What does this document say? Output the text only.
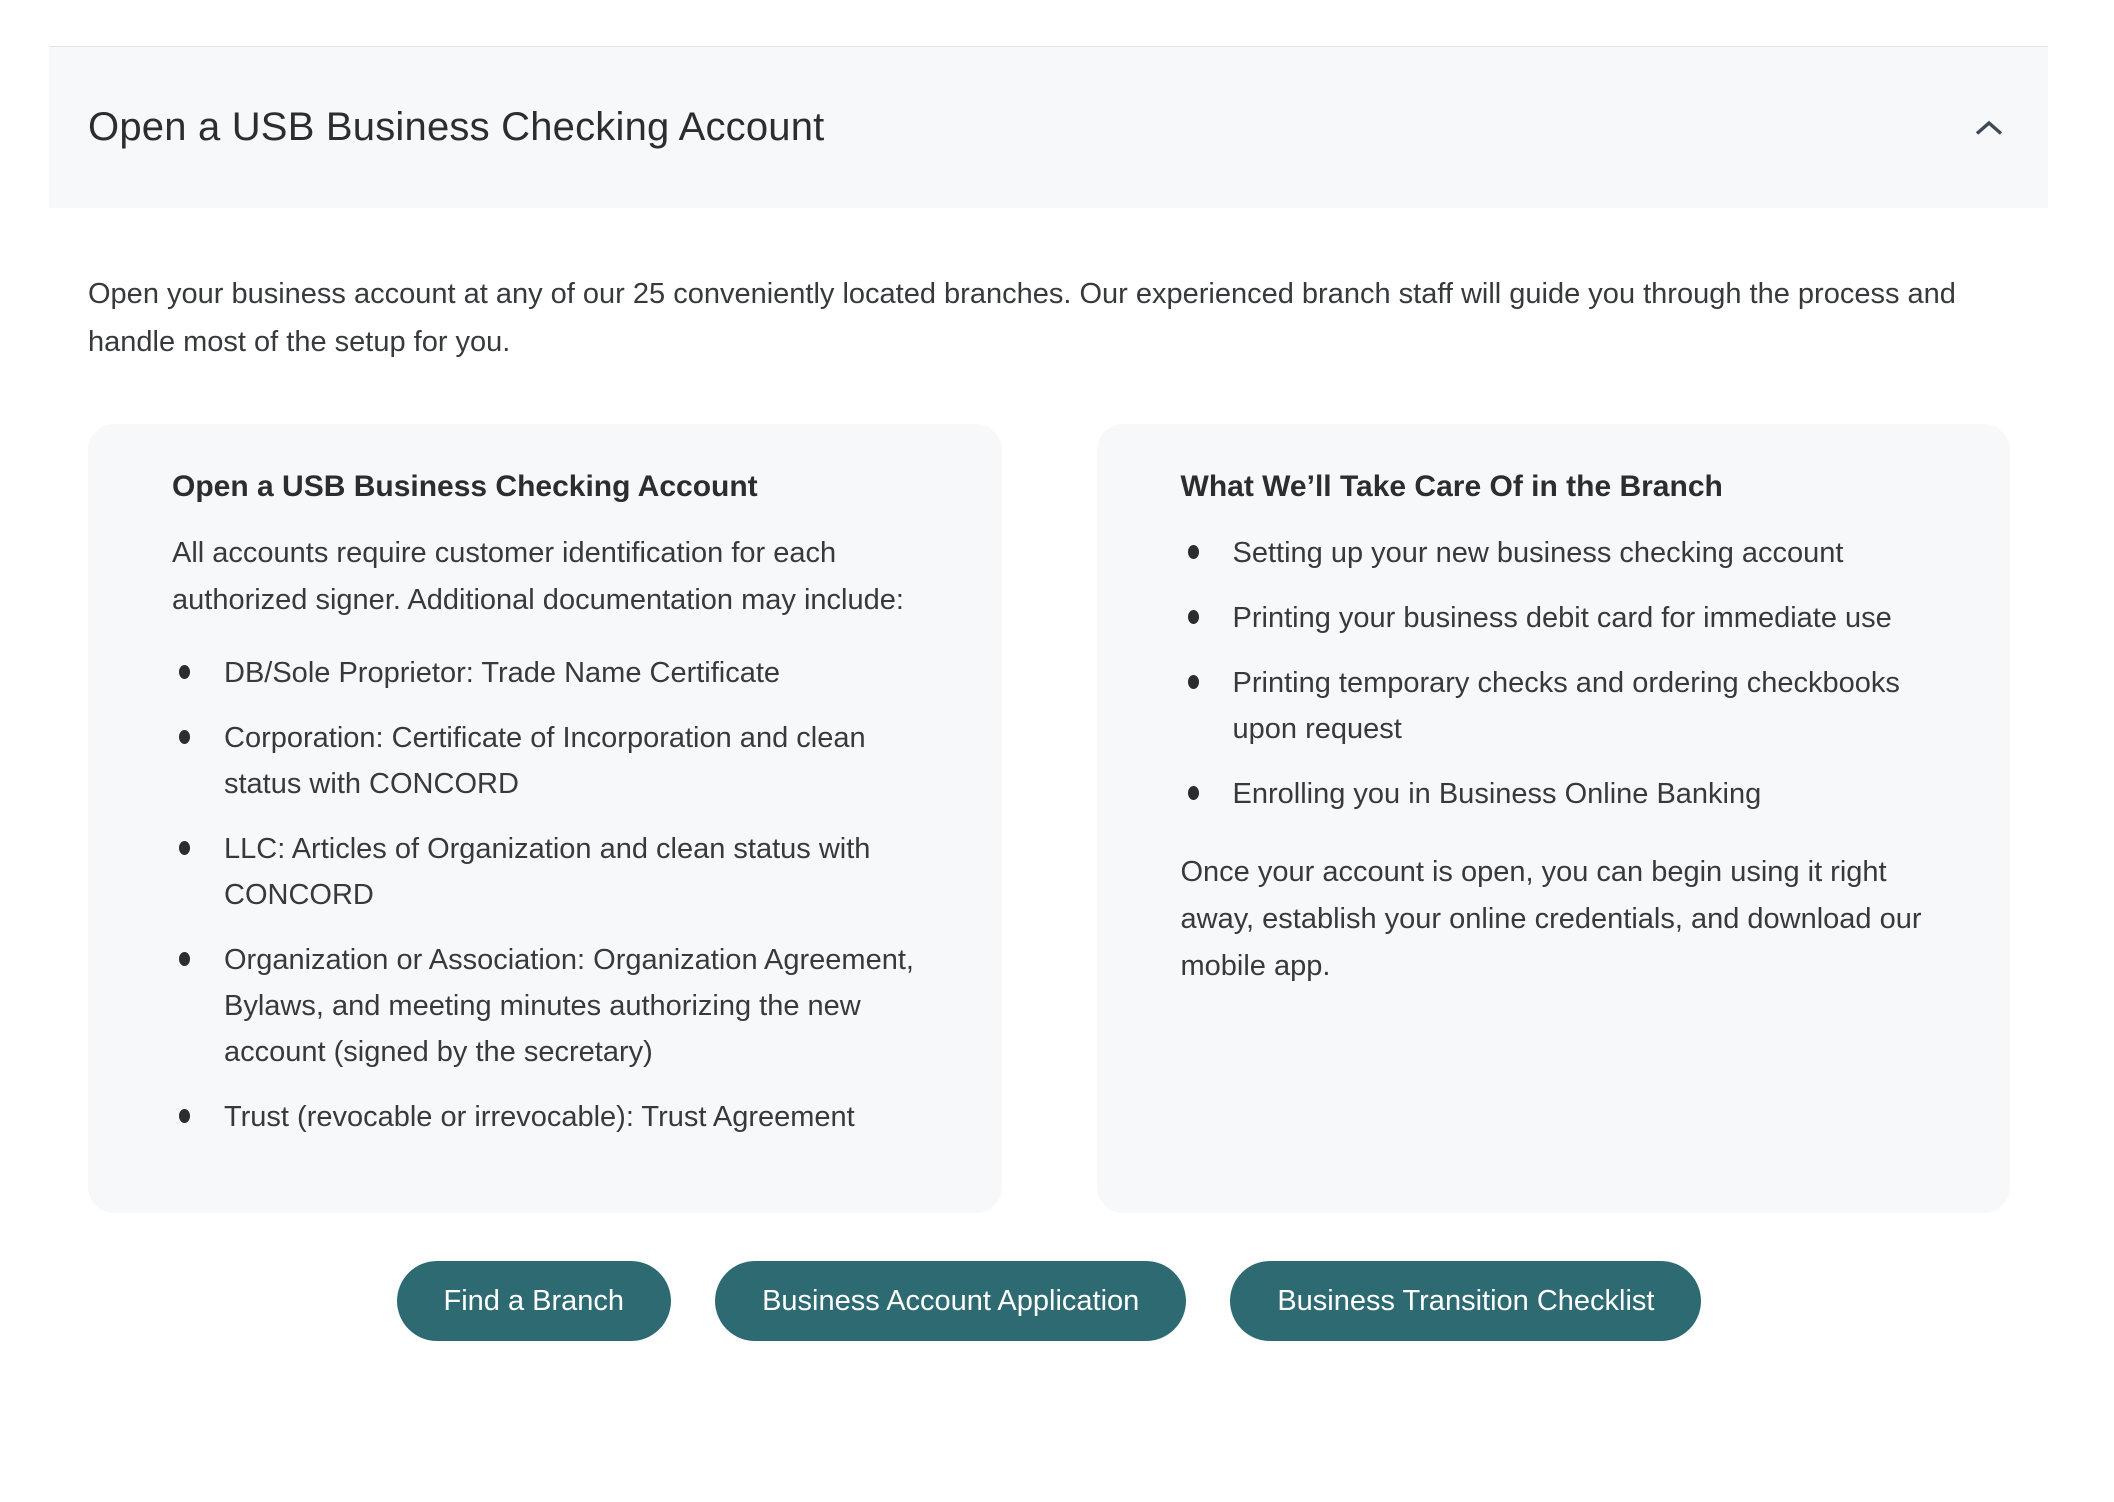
Open a USB Business Checking Account

Open your business account at any of our 25 conveniently located branches. Our experienced branch staff will guide you through the process and handle most of the setup for you.

Open a USB Business Checking Account

All accounts require customer identification for each authorized signer. Additional documentation may include:

DB/Sole Proprietor: Trade Name Certificate
Corporation: Certificate of Incorporation and clean status with CONCORD
LLC: Articles of Organization and clean status with CONCORD
Organization or Association: Organization Agreement, Bylaws, and meeting minutes authorizing the new account (signed by the secretary)
Trust (revocable or irrevocable): Trust Agreement
What We’ll Take Care Of in the Branch
Setting up your new business checking account
Printing your business debit card for immediate use
Printing temporary checks and ordering checkbooks upon request
Enrolling you in Business Online Banking

Once your account is open, you can begin using it right away, establish your online credentials, and download our mobile app.

Find a Branch	Business Account Application	Business Transition Checklist
